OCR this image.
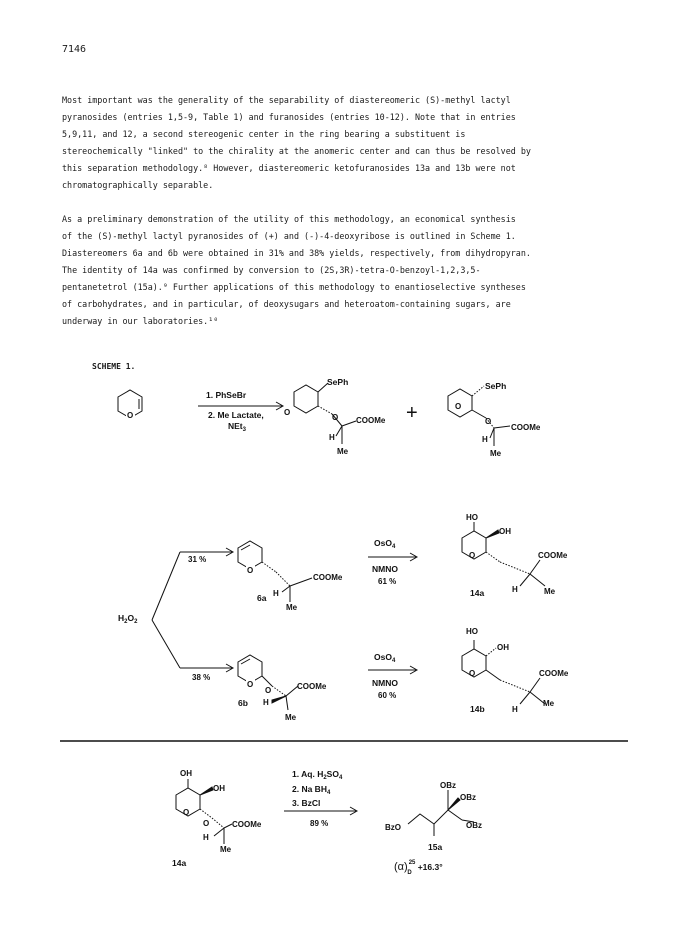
7146
Most important was the generality of the separability of diastereomeric (S)-methyl lactyl
pyranosides (entries 1,5-9, Table 1) and furanosides (entries 10-12). Note that in entries
5,9,11, and 12, a second stereogenic center in the ring bearing a substituent is
stereochemically "linked" to the chirality at the anomeric center and can thus be resolved by
this separation methodology.⁸ However, diastereomeric ketofuranosides 13a and 13b were not
chromatographically separable.
As a preliminary demonstration of the utility of this methodology, an economical synthesis
of the (S)-methyl lactyl pyranosides of (+) and (-)-4-deoxyribose is outlined in Scheme 1.
Diastereomers 6a and 6b were obtained in 31% and 38% yields, respectively, from dihydropyran.
The identity of 14a was confirmed by conversion to (2S,3R)-tetra-O-benzoyl-1,2,3,5-
pentanetetrol (15a).⁹ Further applications of this methodology to enantioselective syntheses
of carbohydrates, and in particular, of deoxysugars and heteroatom-containing sugars, are
underway in our laboratories.¹⁰
SCHEME 1.
O
1. PhSeBr
2. Me Lactate,
NEt$_3$
SePh
O
O COOMe
H
Me
+
SePh
O
O
COOMe
H
Me
$H_2O_2$
31 %
38 %
O
COOMe
H
Me
6a
OsO$_4$
NMNO
61 %
HO
OH
O	COOMe
H	Me
14a
O
O	COOMe
H
Me
6b
OsO$_4$
NMNO
60 %
HO
OH
O	COOMe
H
Me
14b
OH
OH
O
O	COOMe
H
Me
14a
1. Aq. $H_2SO_4$
2. Na $BH_4$
3. BzCl
89 %
OBz
OBz
BzO	OBz
15a
$(\alpha)^{25}$ D+16.3°
